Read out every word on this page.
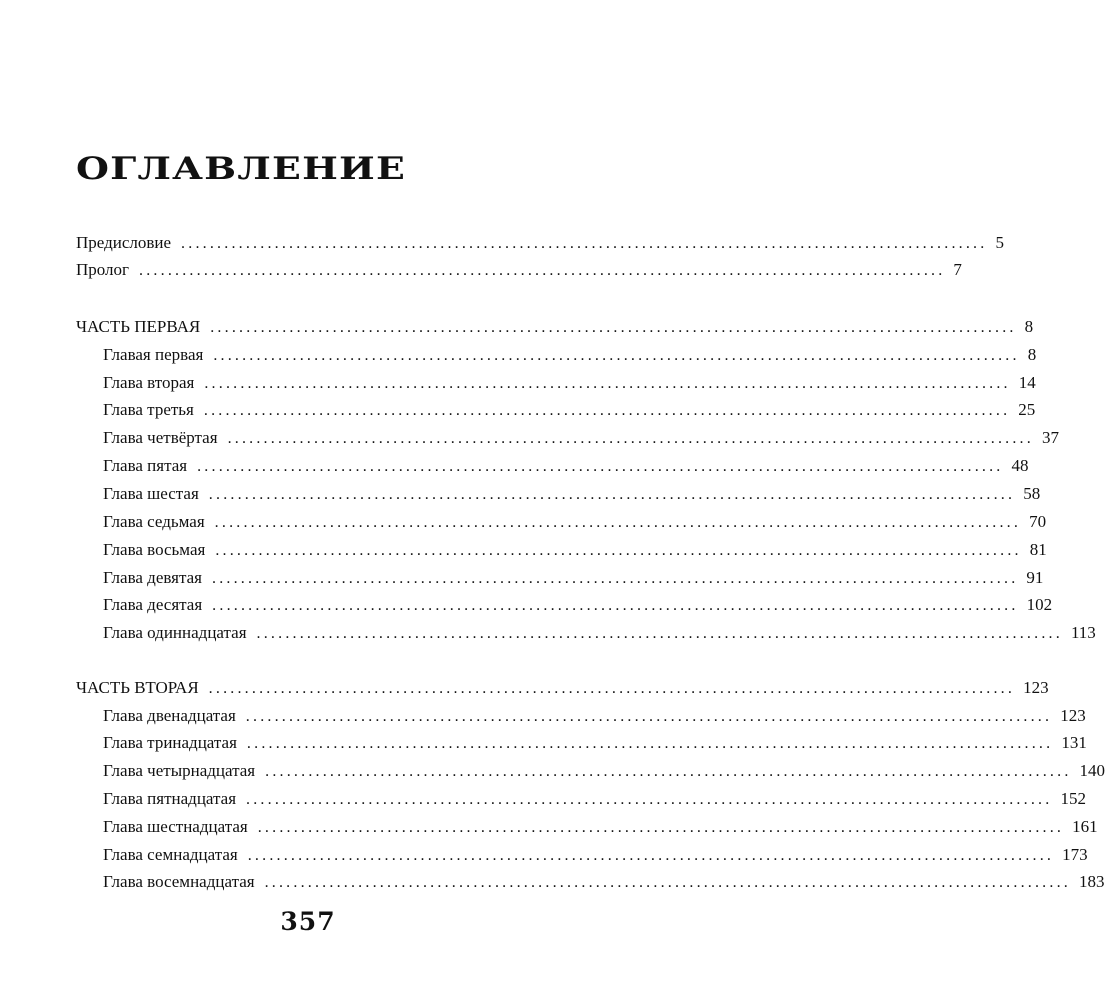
ОГЛАВЛЕНИЕ
Предисловие ................................................................................................................ 5
Пролог ................................................................................................................ 7
ЧАСТЬ ПЕРВАЯ ................................................................................................................ 8
Главая первая ................................................................................................................ 8
Глава вторая ................................................................................................................ 14
Глава третья ................................................................................................................ 25
Глава четвёртая ................................................................................................................ 37
Глава пятая ................................................................................................................ 48
Глава шестая ................................................................................................................ 58
Глава седьмая ................................................................................................................ 70
Глава восьмая ................................................................................................................ 81
Глава девятая ................................................................................................................ 91
Глава десятая ................................................................................................................ 102
Глава одиннадцатая ................................................................................................................ 113
ЧАСТЬ ВТОРАЯ ................................................................................................................ 123
Глава двенадцатая ................................................................................................................ 123
Глава тринадцатая ................................................................................................................ 131
Глава четырнадцатая ................................................................................................................ 140
Глава пятнадцатая ................................................................................................................ 152
Глава шестнадцатая ................................................................................................................ 161
Глава семнадцатая ................................................................................................................ 173
Глава восемнадцатая ................................................................................................................ 183
357
